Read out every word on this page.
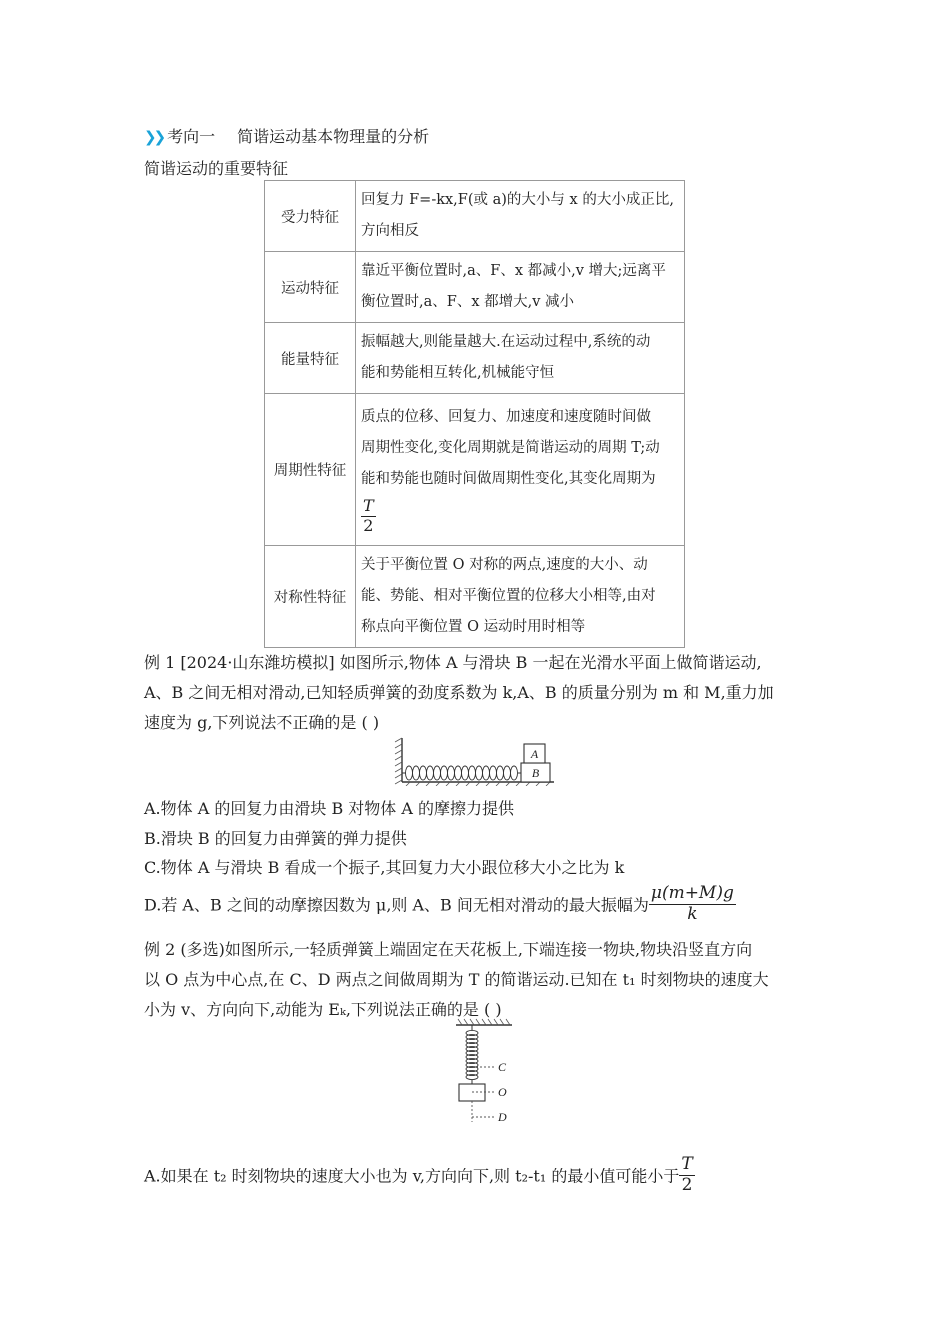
❯❯ 考向一 简谐运动基本物理量的分析
简谐运动的重要特征
受力特征	回复力 F=-kx,F(或 a)的大小与 x 的大小成正比,
方向相反

运动特征	靠近平衡位置时,a、F、x 都减小,v 增大;远离平
衡位置时,a、F、x 都增大,v 减小

能量特征	振幅越大,则能量越大.在运动过程中,系统的动
能和势能相互转化,机械能守恒

周期性特征	质点的位移、回复力、加速度和速度随时间做
周期性变化,变化周期就是简谐运动的周期 T;动
能和势能也随时间做周期性变化,其变化周期为
$\frac{T}{2}$

对称性特征	关于平衡位置 O 对称的两点,速度的大小、动
能、势能、相对平衡位置的位移大小相等,由对
称点向平衡位置 O 运动时用时相等
例 1 [2024·山东潍坊模拟] 如图所示,物体 A 与滑块 B 一起在光滑水平面上做简谐运动,
A、B 之间无相对滑动,已知轻质弹簧的劲度系数为 k,A、B 的质量分别为 m 和 M,重力加
速度为 g,下列说法不正确的是 ( )
A
B
A.物体 A 的回复力由滑块 B 对物体 A 的摩擦力提供
B.滑块 B 的回复力由弹簧的弹力提供
C.物体 A 与滑块 B 看成一个振子,其回复力大小跟位移大小之比为 k
D.若 A、B 之间的动摩擦因数为 μ,则 A、B 间无相对滑动的最大振幅为 $\frac{\mu(m+M)g}{k}$
例 2 (多选)如图所示,一轻质弹簧上端固定在天花板上,下端连接一物块,物块沿竖直方向
以 O 点为中心点,在 C、D 两点之间做周期为 T 的简谐运动.已知在 t₁ 时刻物块的速度大
小为 v、方向向下,动能为 Eₖ,下列说法正确的是 ( )
C
O
D
A.如果在 t₂ 时刻物块的速度大小也为 v,方向向下,则 t₂-t₁ 的最小值可能小于 $\frac{T}{2}$
